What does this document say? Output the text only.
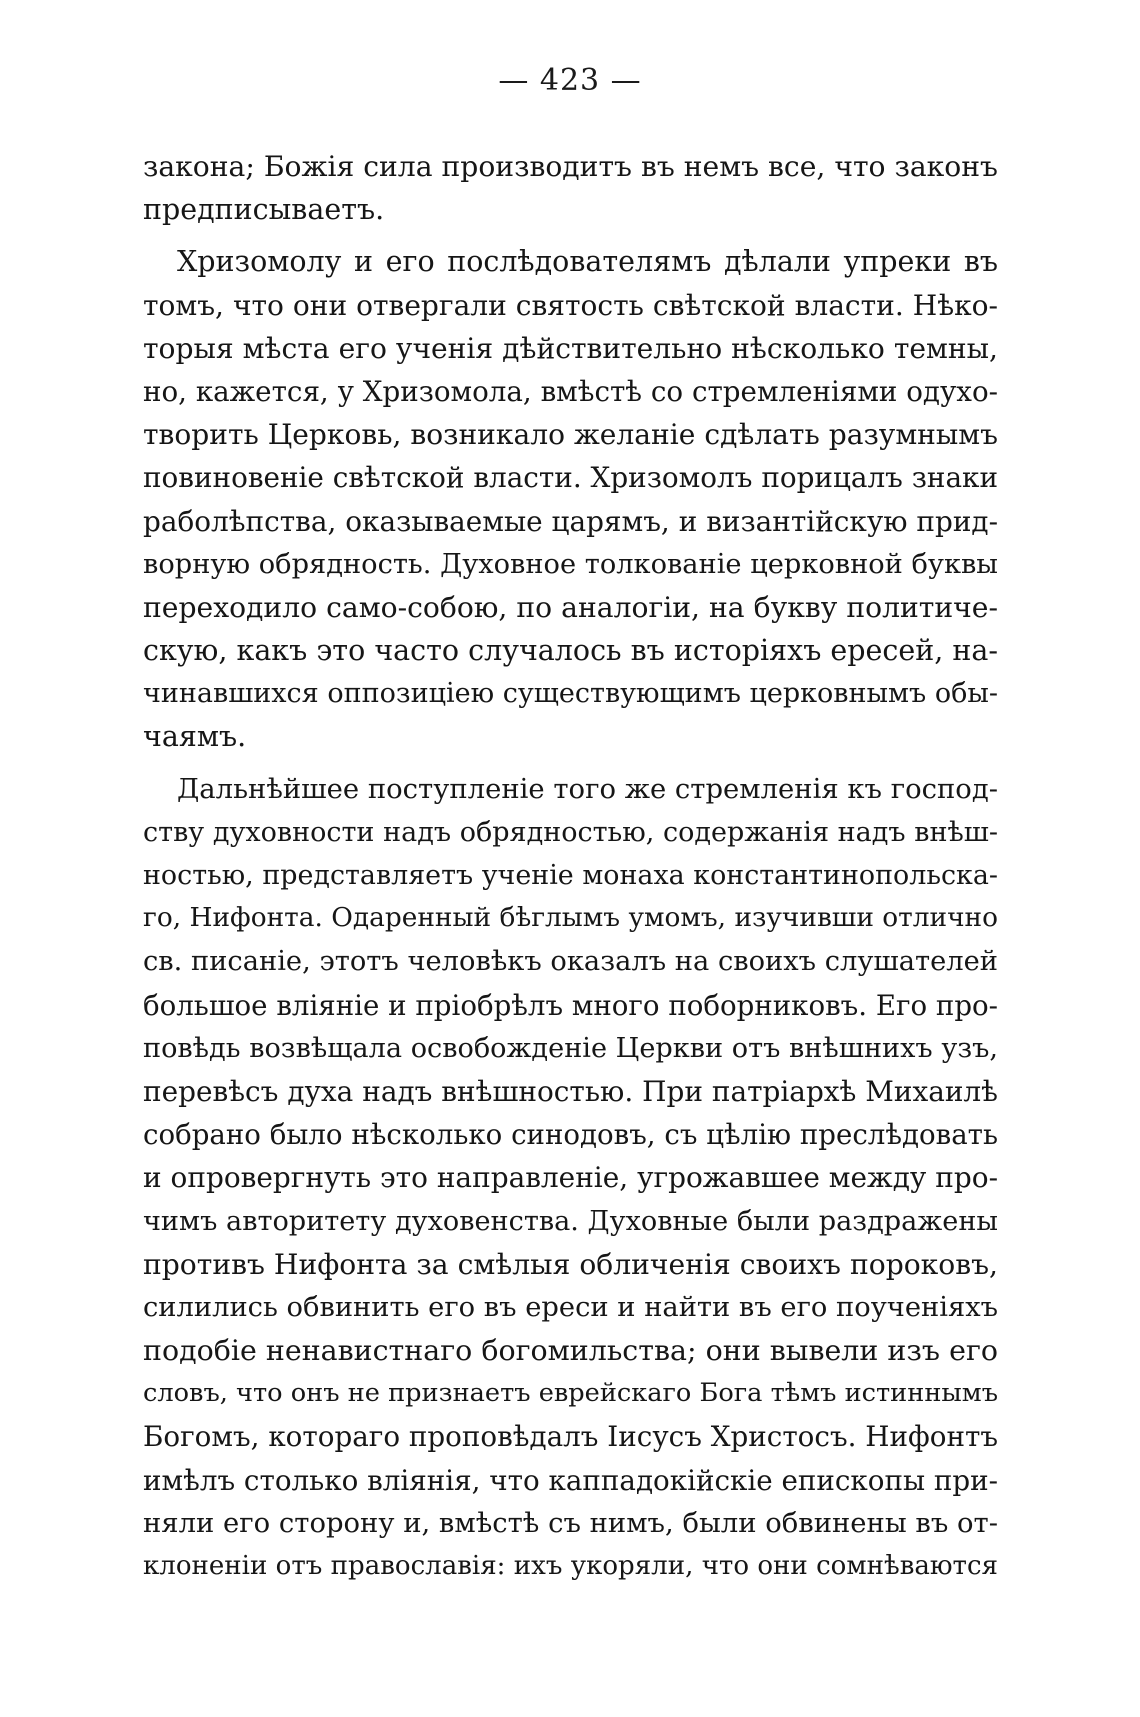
— 423 —
закона; Божія сила производитъ въ немъ все, что законъ
предписываетъ.
Хризомолу и его послѣдователямъ дѣлали упреки въ
томъ, что они отвергали святость свѣтской власти. Нѣко-
торыя мѣста его ученія дѣйствительно нѣсколько темны,
но, кажется, у Хризомола, вмѣстѣ со стремленіями одухо-
творить Церковь, возникало желаніе сдѣлать разумнымъ
повиновеніе свѣтской власти. Хризомолъ порицалъ знаки
раболѣпства, оказываемые царямъ, и византійскую прид-
ворную обрядность. Духовное толкованіе церковной буквы
переходило само-собою, по аналогіи, на букву политиче-
скую, какъ это часто случалось въ исторіяхъ ересей, на-
чинавшихся оппозиціею существующимъ церковнымъ обы-
чаямъ.
Дальнѣйшее поступленіе того же стремленія къ господ-
ству духовности надъ обрядностью, содержанія надъ внѣш-
ностью, представляетъ ученіе монаха константинопольска-
го, Нифонта. Одаренный бѣглымъ умомъ, изучивши отлично
св. писаніе, этотъ человѣкъ оказалъ на своихъ слушателей
большое вліяніе и пріобрѣлъ много поборниковъ. Его про-
повѣдь возвѣщала освобожденіе Церкви отъ внѣшнихъ узъ,
перевѣсъ духа надъ внѣшностью. При патріархѣ Михаилѣ
собрано было нѣсколько синодовъ, съ цѣлію преслѣдовать
и опровергнуть это направленіе, угрожавшее между про-
чимъ авторитету духовенства. Духовные были раздражены
противъ Нифонта за смѣлыя обличенія своихъ пороковъ,
силились обвинить его въ ереси и найти въ его поученіяхъ
подобіе ненавистнаго богомильства; они вывели изъ его
словъ, что онъ не признаетъ еврейскаго Бога тѣмъ истиннымъ
Богомъ, котораго проповѣдалъ Іисусъ Христосъ. Нифонтъ
имѣлъ столько вліянія, что каппадокійскіе епископы при-
няли его сторону и, вмѣстѣ съ нимъ, были обвинены въ от-
клоненіи отъ православія: ихъ укоряли, что они сомнѣваются
